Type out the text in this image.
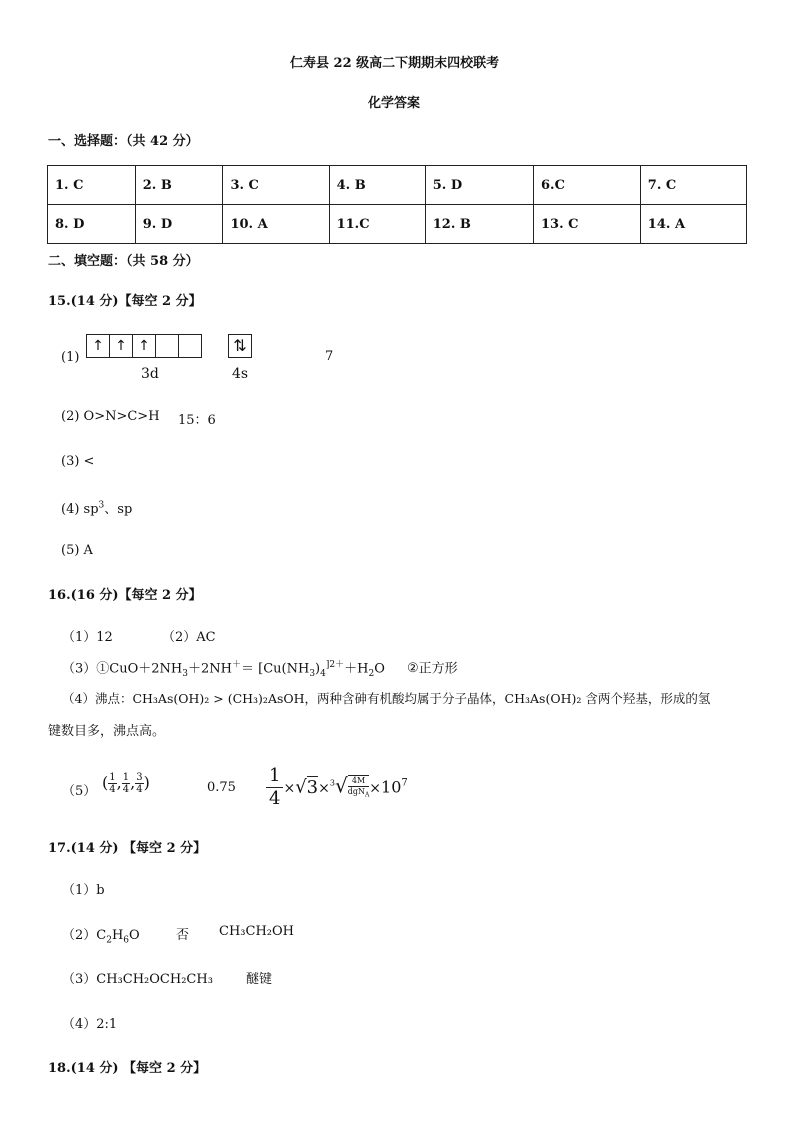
仁寿县 22 级高二下期期末四校联考
化学答案
一、选择题：（共 42 分）
1. C	2. B	3. C	4. B	5. D	6.C	7. C
8. D	9. D	10. A	11.C	12. B	13. C	14. A
二、填空题：（共 58 分）
15.(14 分)【每空 2 分】
(1)
↑ ↑ ↑	⇅
3d	4s
7
(2) O>N>C>H 15：6
(3) <
(4) $sp^3$、sp
(5) A
16.(16 分)【每空 2 分】
（1）12	（2）AC
$(3)①CuO+2NH_3+2NH^+= [Cu(NH_3)_4^{]2+}+H_2O$ ②正方形
（4）沸点：CH₃As(OH)₂ > (CH₃)₂AsOH，两种含砷有机酸均属于分子晶体，CH₃As(OH)₂ 含两个羟基，形成的氢
键数目多，沸点高。
（5） ( $\frac{1}{4}$ , $\frac{1}{4}$ , $\frac{3}{4}$ )	$0.75 \frac{1}{4} \times√3\times^3√$ 4M
$dgN_A \times 10^7$
17.(14 分) 【每空 2 分】
（1）b
$(2)C_2H_6O$	否 CH₃CH₂OH
（3）CH₃CH₂OCH₂CH₃	醚键
（4）2:1
18.(14 分) 【每空 2 分】
